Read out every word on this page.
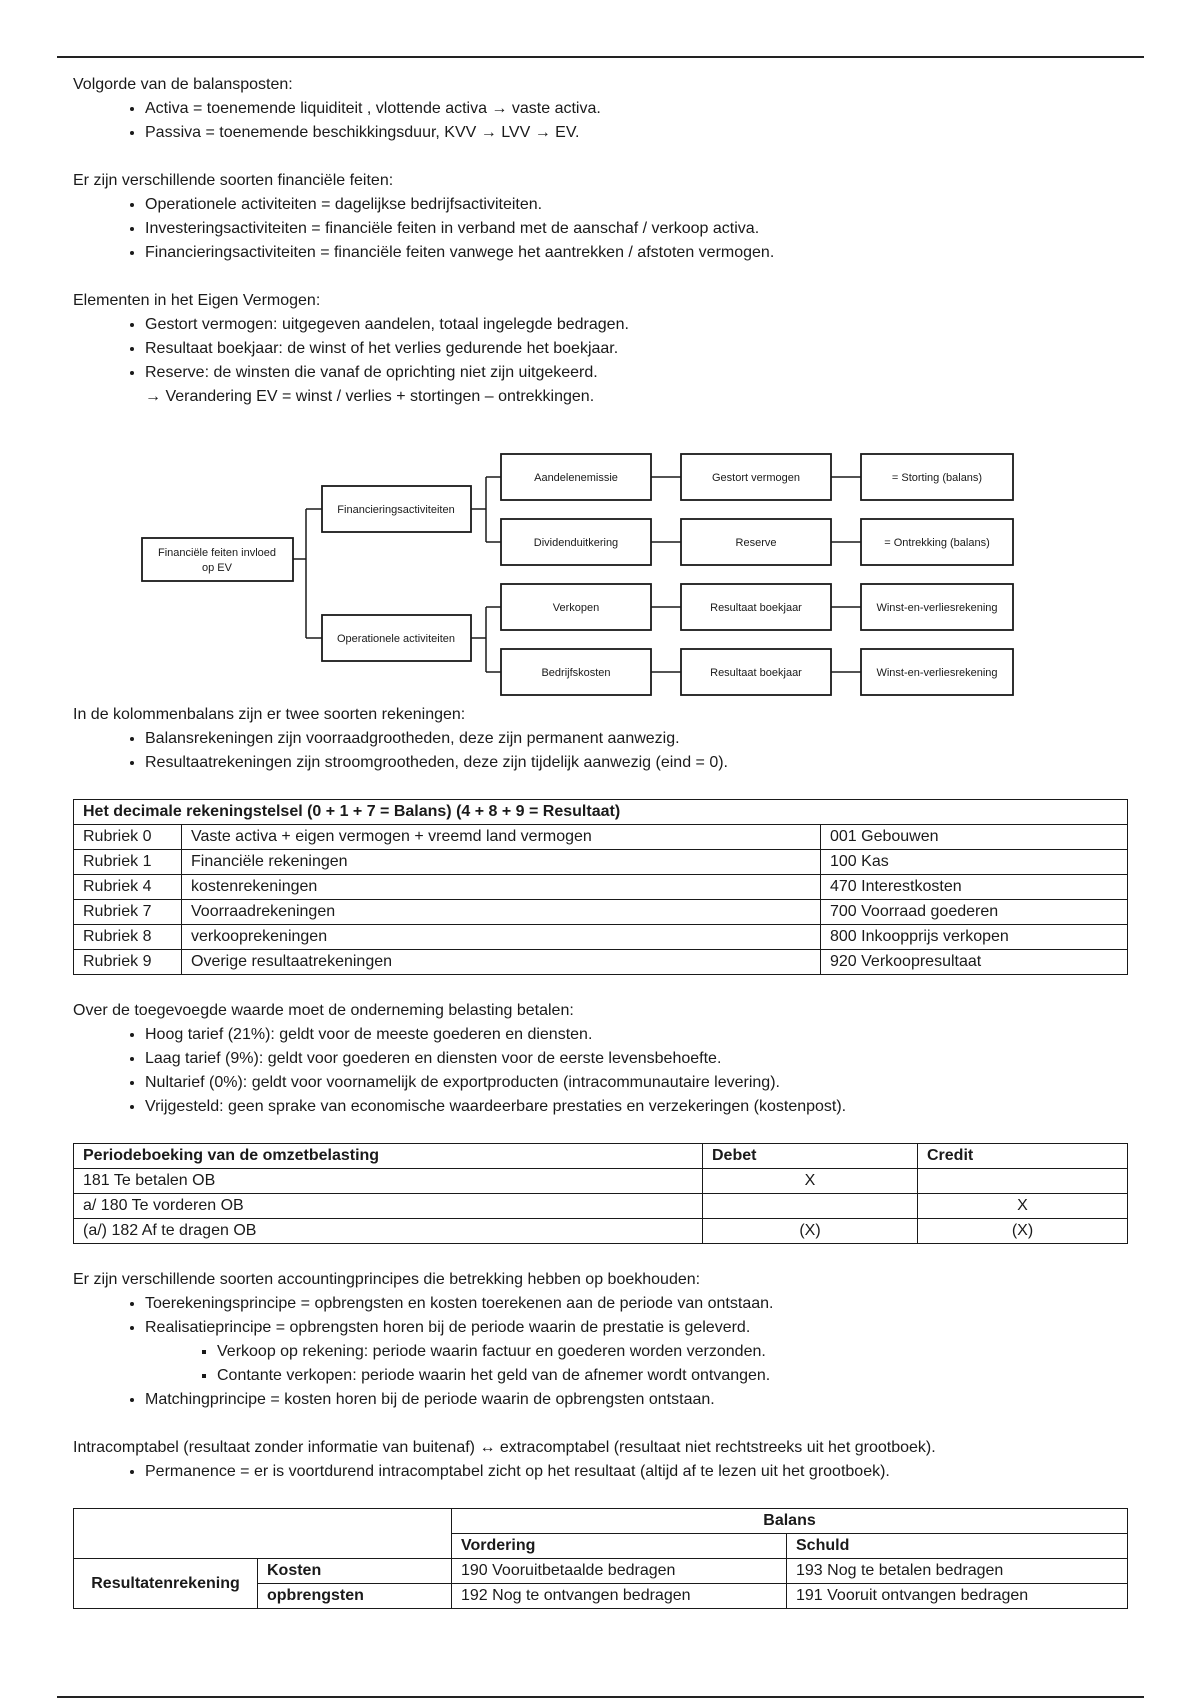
Volgorde van de balansposten:

• Activa = toenemende liquiditeit , vlottende activa → vaste activa.
• Passiva = toenemende beschikkingsduur, KVV → LVV → EV.

Er zijn verschillende soorten financiële feiten:

• Operationele activiteiten = dagelijkse bedrijfsactiviteiten.
• Investeringsactiviteiten = financiële feiten in verband met de aanschaf / verkoop activa.
• Financieringsactiviteiten = financiële feiten vanwege het aantrekken / afstoten vermogen.

Elementen in het Eigen Vermogen:

• Gestort vermogen: uitgegeven aandelen, totaal ingelegde bedragen.
• Resultaat boekjaar: de winst of het verlies gedurende het boekjaar.
• Reserve: de winsten die vanaf de oprichting niet zijn uitgekeerd.
→ Verandering EV = winst / verlies + stortingen – ontrekkingen.
Financiële feiten invloed op EV
Financieringsactiviteiten
Operationele activiteiten
Aandelenemissie	Gestort vermogen	= Storting (balans)
Dividenduitkering	Reserve	= Ontrekking (balans)
Verkopen	Resultaat boekjaar	Winst-en-verliesrekening
Bedrijfskosten	Resultaat boekjaar	Winst-en-verliesrekening

In de kolommenbalans zijn er twee soorten rekeningen:

• Balansrekeningen zijn voorraadgrootheden, deze zijn permanent aanwezig.
• Resultaatrekeningen zijn stroomgrootheden, deze zijn tijdelijk aanwezig (eind = 0).
Het decimale rekeningstelsel (0 + 1 + 7 = Balans) (4 + 8 + 9 = Resultaat)		
Rubriek 0	Vaste activa + eigen vermogen + vreemd land vermogen	001 Gebouwen
Rubriek 1	Financiële rekeningen	100 Kas
Rubriek 4	kostenrekeningen	470 Interestkosten
Rubriek 7	Voorraadrekeningen	700 Voorraad goederen
Rubriek 8	verkooprekeningen	800 Inkoopprijs verkopen
Rubriek 9	Overige resultaatrekeningen	920 Verkoopresultaat

Over de toegevoegde waarde moet de onderneming belasting betalen:

• Hoog tarief (21%): geldt voor de meeste goederen en diensten.
• Laag tarief (9%): geldt voor goederen en diensten voor de eerste levensbehoefte.
• Nultarief (0%): geldt voor voornamelijk de exportproducten (intracommunautaire levering).
• Vrijgesteld: geen sprake van economische waardeerbare prestaties en verzekeringen (kostenpost).
Periodeboeking van de omzetbelasting	Debet	Credit
181 Te betalen OB	X	
a/ 180 Te vorderen OB		X
(a/) 182 Af te dragen OB	(X)	(X)

Er zijn verschillende soorten accountingprincipes die betrekking hebben op boekhouden:

• Toerekeningsprincipe = opbrengsten en kosten toerekenen aan de periode van ontstaan.
• Realisatieprincipe = opbrengsten horen bij de periode waarin de prestatie is geleverd.
▪ Verkoop op rekening: periode waarin factuur en goederen worden verzonden.
▪ Contante verkopen: periode waarin het geld van de afnemer wordt ontvangen.
• Matchingprincipe = kosten horen bij de periode waarin de opbrengsten ontstaan.

Intracomptabel (resultaat zonder informatie van buitenaf) ↔ extracomptabel (resultaat niet rechtstreeks uit het grootboek).

• Permanence = er is voortdurend intracomptabel zicht op het resultaat (altijd af te lezen uit het grootboek).
		Balans	
		Vordering	Schuld
Resultatenrekening	Kosten	190 Vooruitbetaalde bedragen	193 Nog te betalen bedragen
	opbrengsten	192 Nog te ontvangen bedragen	191 Vooruit ontvangen bedragen
